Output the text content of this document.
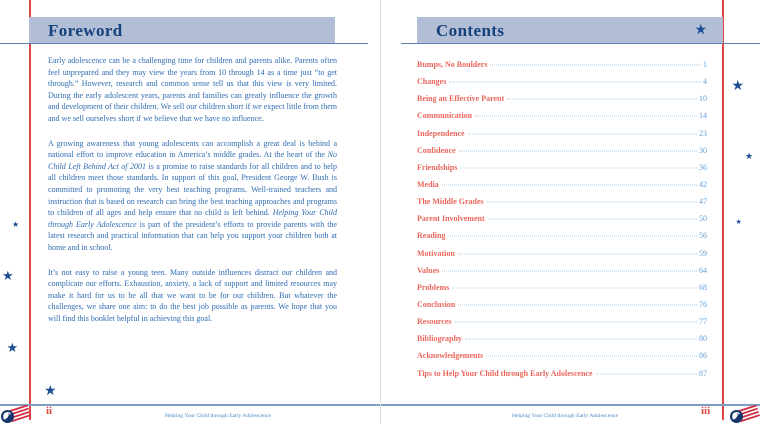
Foreword

Early adolescence can be a challenging time for children and parents alike. Parents often feel unprepared and they may view the years from 10 through 14 as a time just “to get through.” However, research and common sense tell us that this view is very limited. During the early adolescent years, parents and families can greatly influence the growth and development of their children. We sell our children short if we expect little from them and we sell ourselves short if we believe that we have no influence.

A growing awareness that young adolescents can accomplish a great deal is behind a national effort to improve education in America’s middle grades. At the heart of the No Child Left Behind Act of 2001 is a promise to raise standards for all children and to help all children meet those standards. In support of this goal, President George W. Bush is committed to promoting the very best teaching programs. Well-trained teachers and instruction that is based on research can bring the best teaching approaches and programs to children of all ages and help ensure that no child is left behind. Helping Your Child through Early Adolescence is part of the president’s efforts to provide parents with the latest research and practical information that can help you support your children both at home and in school.

It’s not easy to raise a young teen. Many outside influences distract our children and complicate our efforts. Exhaustion, anxiety, a lack of support and limited resources may make it hard for us to be all that we want to be for our children. But whatever the challenges, we share one aim: to do the best job possible as parents. We hope that you will find this booklet helpful in achieving this goal.

★
★
★
★
ii	Helping Your Child through Early Adolescence
Contents	★
Bumps, No Boulders	1
Changes	4
Being an Effective Parent	10
Communication	14
Independence	23
Confidence	30
Friendships	36
Media	42
The Middle Grades	47
Parent Involvement	50
Reading	56
Motivation	59
Values	64
Problems	68
Conclusion	76
Resources	77
Bibliography	80
Acknowledgements	86
Tips to Help Your Child through Early Adolescence	87
★
★
★
iii
Helping Your Child through Early Adolescence
